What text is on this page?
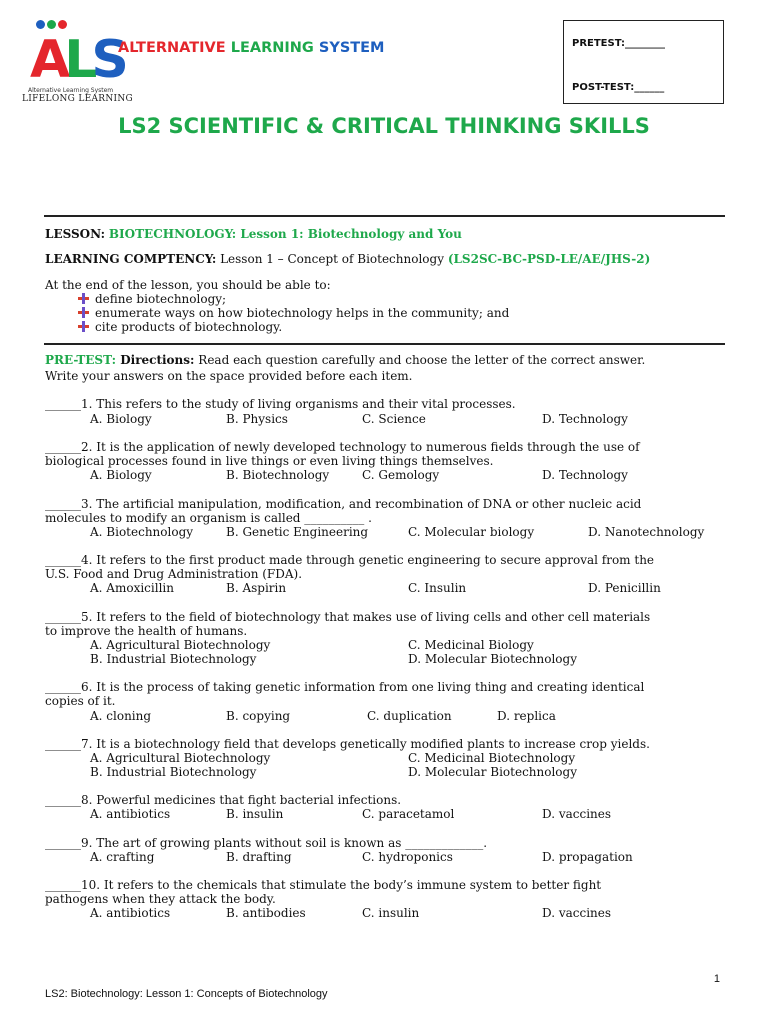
ALS
Alternative Learning System
LIFELONG LEARNING
ALTERNATIVE LEARNING SYSTEM	PRETEST:________
POST-TEST:______
LS2 SCIENTIFIC & CRITICAL THINKING SKILLS
LESSON: BIOTECHNOLOGY: Lesson 1: Biotechnology and You
LEARNING COMPTENCY: Lesson 1 – Concept of Biotechnology (LS2SC-BC-PSD-LE/AE/JHS-2)
At the end of the lesson, you should be able to:
define biotechnology;
enumerate ways on how biotechnology helps in the community; and
cite products of biotechnology.
PRE-TEST: Directions: Read each question carefully and choose the letter of the correct answer.
Write your answers on the space provided before each item.
______1. This refers to the study of living organisms and their vital processes.
A. Biology	B. Physics	C. Science	D. Technology
______2. It is the application of newly developed technology to numerous fields through the use of
biological processes found in live things or even living things themselves.
A. Biology	B. Biotechnology	C. Gemology	D. Technology
______3. The artificial manipulation, modification, and recombination of DNA or other nucleic acid
molecules to modify an organism is called __________ .
A. Biotechnology	B. Genetic Engineering	C. Molecular biology	D. Nanotechnology
______4. It refers to the first product made through genetic engineering to secure approval from the
U.S. Food and Drug Administration (FDA).
A. Amoxicillin	B. Aspirin	C. Insulin	D. Penicillin
______5. It refers to the field of biotechnology that makes use of living cells and other cell materials
to improve the health of humans.
A. Agricultural Biotechnology	C. Medicinal Biology
B. Industrial Biotechnology	D. Molecular Biotechnology
______6. It is the process of taking genetic information from one living thing and creating identical
copies of it.
A. cloning	B. copying	C. duplication	D. replica
______7. It is a biotechnology field that develops genetically modified plants to increase crop yields.
A. Agricultural Biotechnology	C. Medicinal Biotechnology
B. Industrial Biotechnology	D. Molecular Biotechnology
______8. Powerful medicines that fight bacterial infections.
A. antibiotics	B. insulin	C. paracetamol	D. vaccines
______9. The art of growing plants without soil is known as _____________.
A. crafting	B. drafting	C. hydroponics	D. propagation
______10. It refers to the chemicals that stimulate the body’s immune system to better fight
pathogens when they attack the body.
A. antibiotics	B. antibodies	C. insulin	D. vaccines
1
LS2: Biotechnology: Lesson 1: Concepts of Biotechnology
